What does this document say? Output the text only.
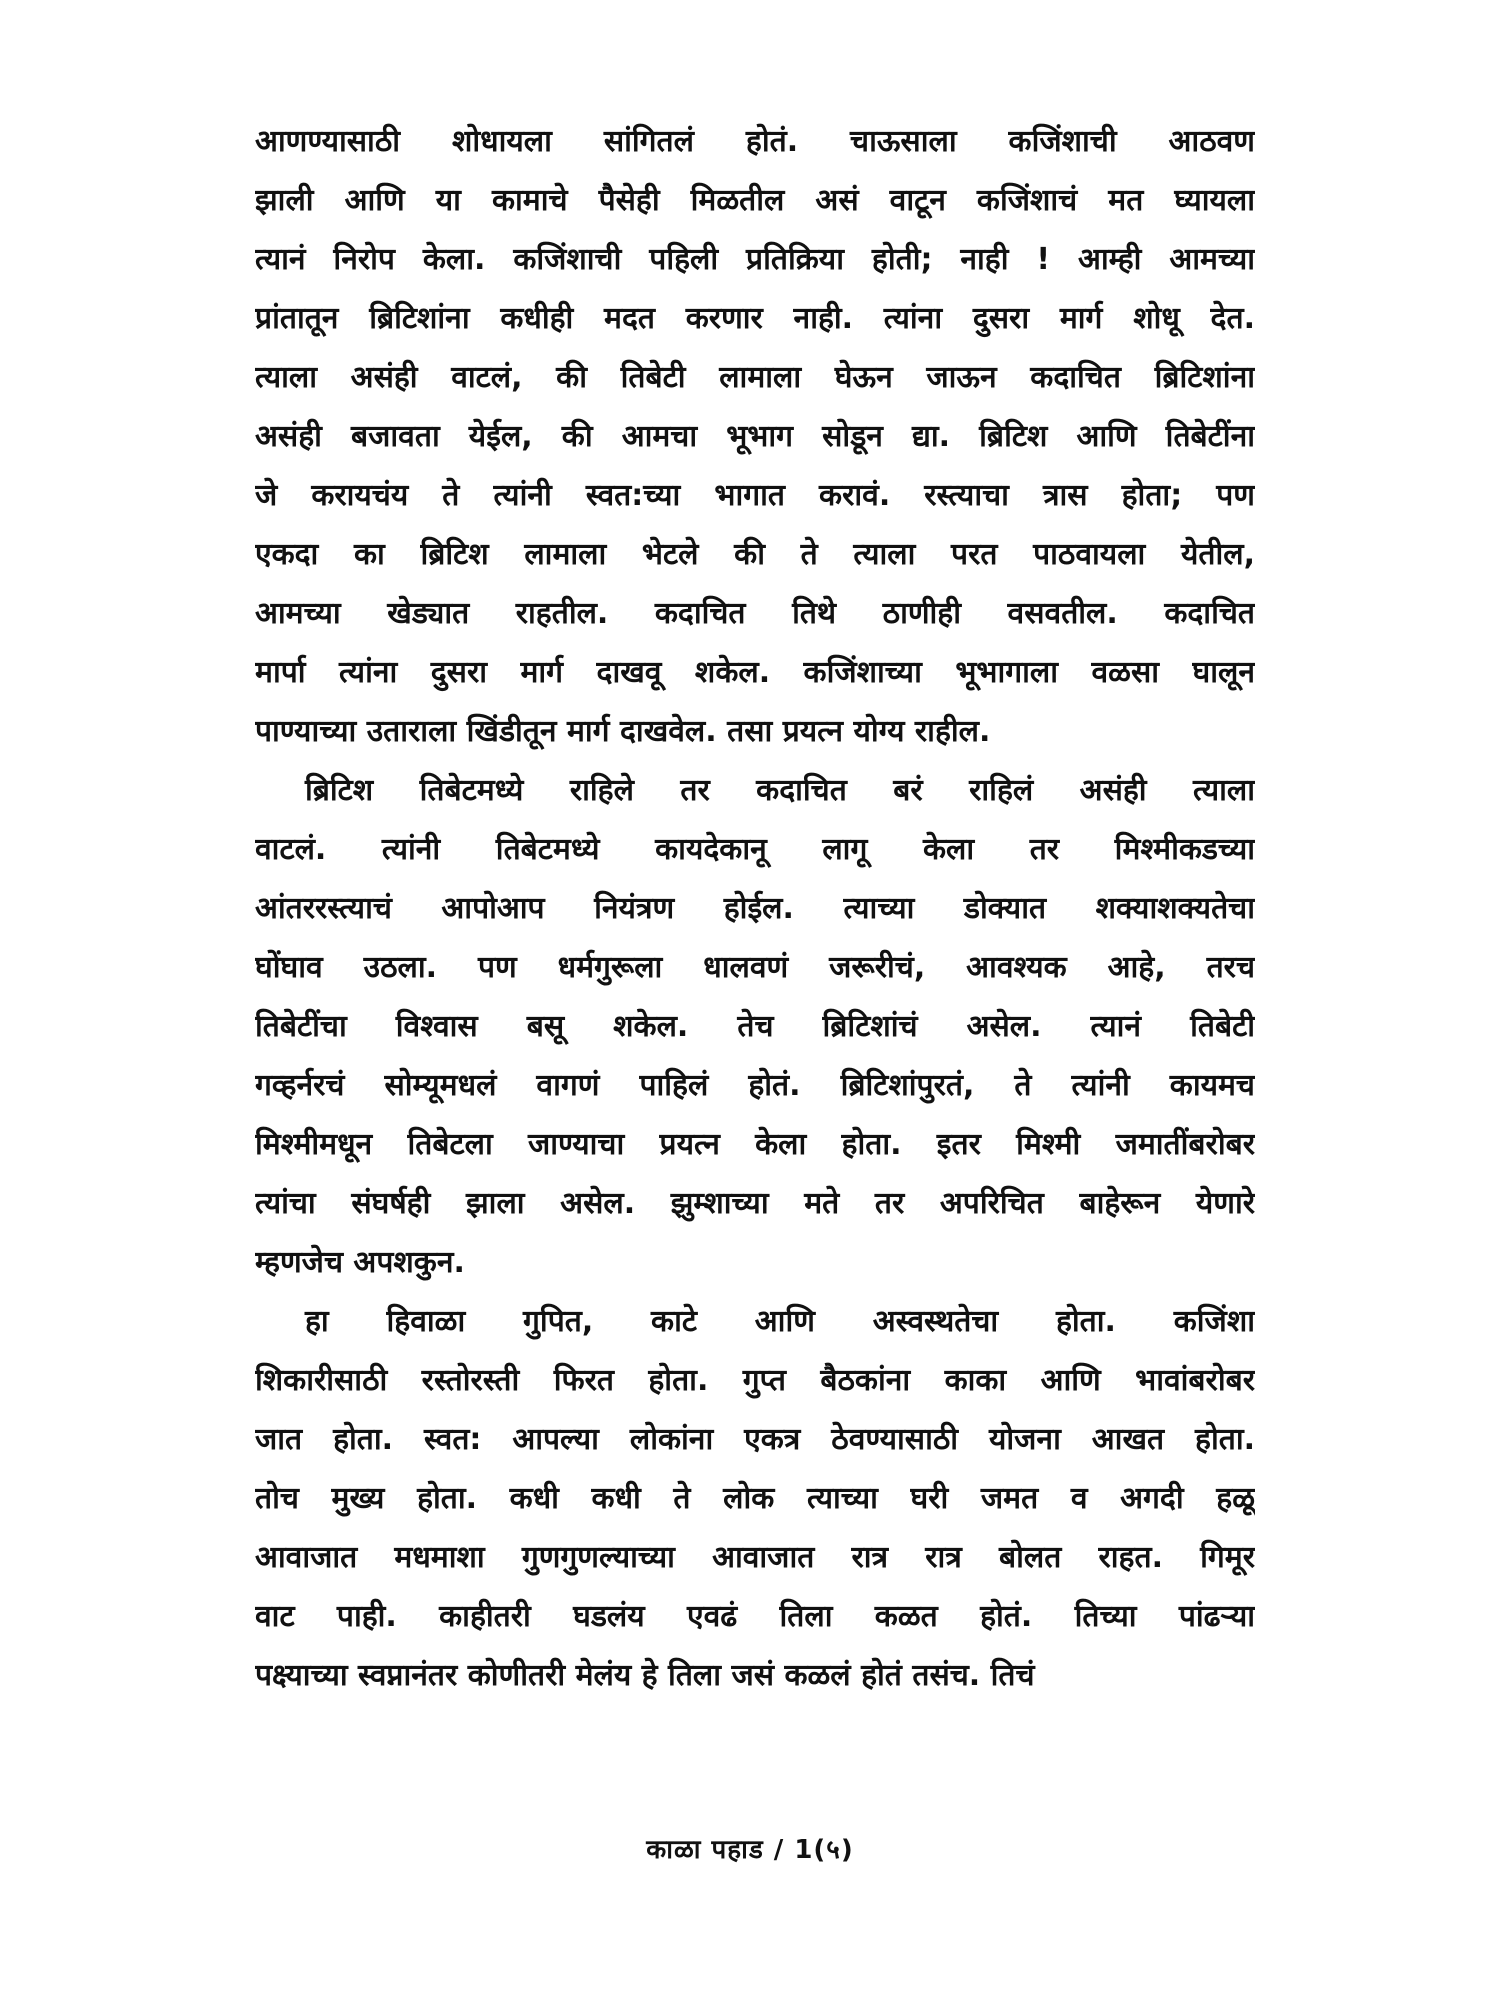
आणण्यासाठी शोधायला सांगितलं होतं. चाऊसाला कजिंशाची आठवण
झाली आणि या कामाचे पैसेही मिळतील असं वाटून कजिंशाचं मत घ्यायला
त्यानं निरोप केला. कजिंशाची पहिली प्रतिक्रिया होती; नाही ! आम्ही आमच्या
प्रांतातून ब्रिटिशांना कधीही मदत करणार नाही. त्यांना दुसरा मार्ग शोधू देत.
त्याला असंही वाटलं, की तिबेटी लामाला घेऊन जाऊन कदाचित ब्रिटिशांना
असंही बजावता येईल, की आमचा भूभाग सोडून द्या. ब्रिटिश आणि तिबेटींना
जे करायचंय ते त्यांनी स्वत:च्या भागात करावं. रस्त्याचा त्रास होता; पण
एकदा का ब्रिटिश लामाला भेटले की ते त्याला परत पाठवायला येतील,
आमच्या खेड्यात राहतील. कदाचित तिथे ठाणीही वसवतील. कदाचित
मार्पा त्यांना दुसरा मार्ग दाखवू शकेल. कजिंशाच्या भूभागाला वळसा घालून
पाण्याच्या उताराला खिंडीतून मार्ग दाखवेल. तसा प्रयत्न योग्य राहील.
ब्रिटिश तिबेटमध्ये राहिले तर कदाचित बरं राहिलं असंही त्याला
वाटलं. त्यांनी तिबेटमध्ये कायदेकानू लागू केला तर मिश्मीकडच्या
आंतररस्त्याचं आपोआप नियंत्रण होईल. त्याच्या डोक्यात शक्याशक्यतेचा
घोंघाव उठला. पण धर्मगुरूला धालवणं जरूरीचं, आवश्यक आहे, तरच
तिबेटींचा विश्वास बसू शकेल. तेच ब्रिटिशांचं असेल. त्यानं तिबेटी
गव्हर्नरचं सोम्यूमधलं वागणं पाहिलं होतं. ब्रिटिशांपुरतं, ते त्यांनी कायमच
मिश्मीमधून तिबेटला जाण्याचा प्रयत्न केला होता. इतर मिश्मी जमातींबरोबर
त्यांचा संघर्षही झाला असेल. झुम्शाच्या मते तर अपरिचित बाहेरून येणारे
म्हणजेच अपशकुन.
हा हिवाळा गुपित, काटे आणि अस्वस्थतेचा होता. कजिंशा
शिकारीसाठी रस्तोरस्ती फिरत होता. गुप्त बैठकांना काका आणि भावांबरोबर
जात होता. स्वत: आपल्या लोकांना एकत्र ठेवण्यासाठी योजना आखत होता.
तोच मुख्य होता. कधी कधी ते लोक त्याच्या घरी जमत व अगदी हळू
आवाजात मधमाशा गुणगुणल्याच्या आवाजात रात्र रात्र बोलत राहत. गिमूर
वाट पाही. काहीतरी घडलंय एवढं तिला कळत होतं. तिच्या पांढऱ्या
पक्ष्याच्या स्वप्नानंतर कोणीतरी मेलंय हे तिला जसं कळलं होतं तसंच. तिचं
काळा पहाड / 1(५)
